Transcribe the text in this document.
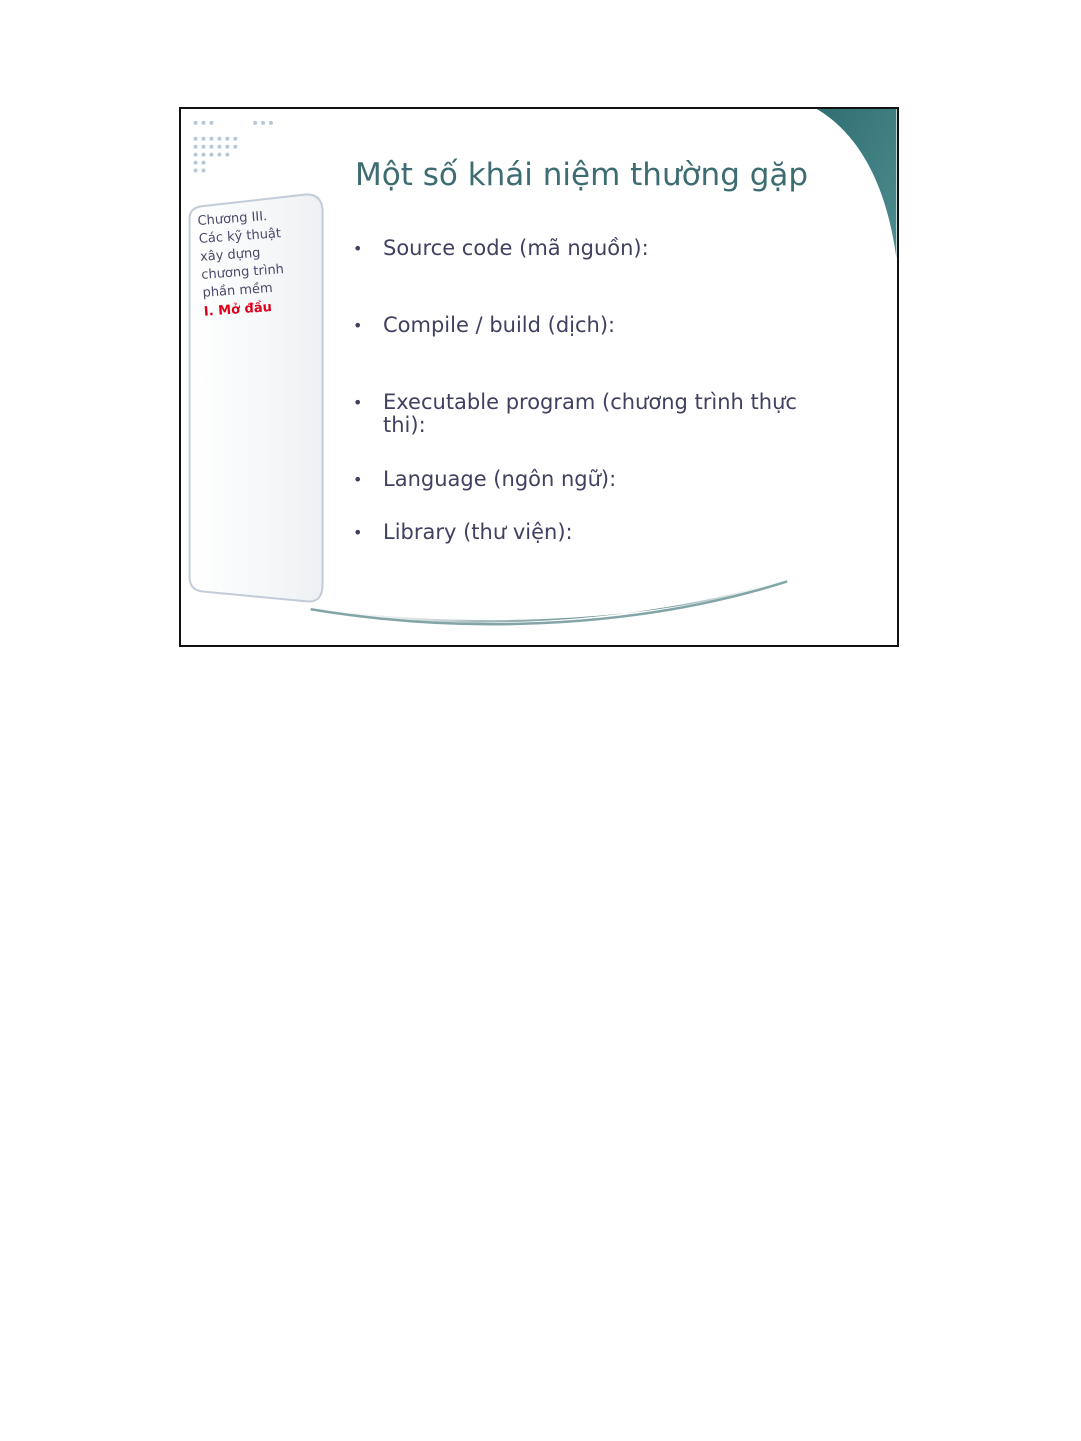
Chương III.
Các kỹ thuật
xây dựng
chương trình
phần mềm
I. Mở đầu
Một số khái niệm thường gặp
• Source code (mã nguồn):
• Compile / build (dịch):
• Executable program (chương trình thực thi):
• Language (ngôn ngữ):
• Library (thư viện):
